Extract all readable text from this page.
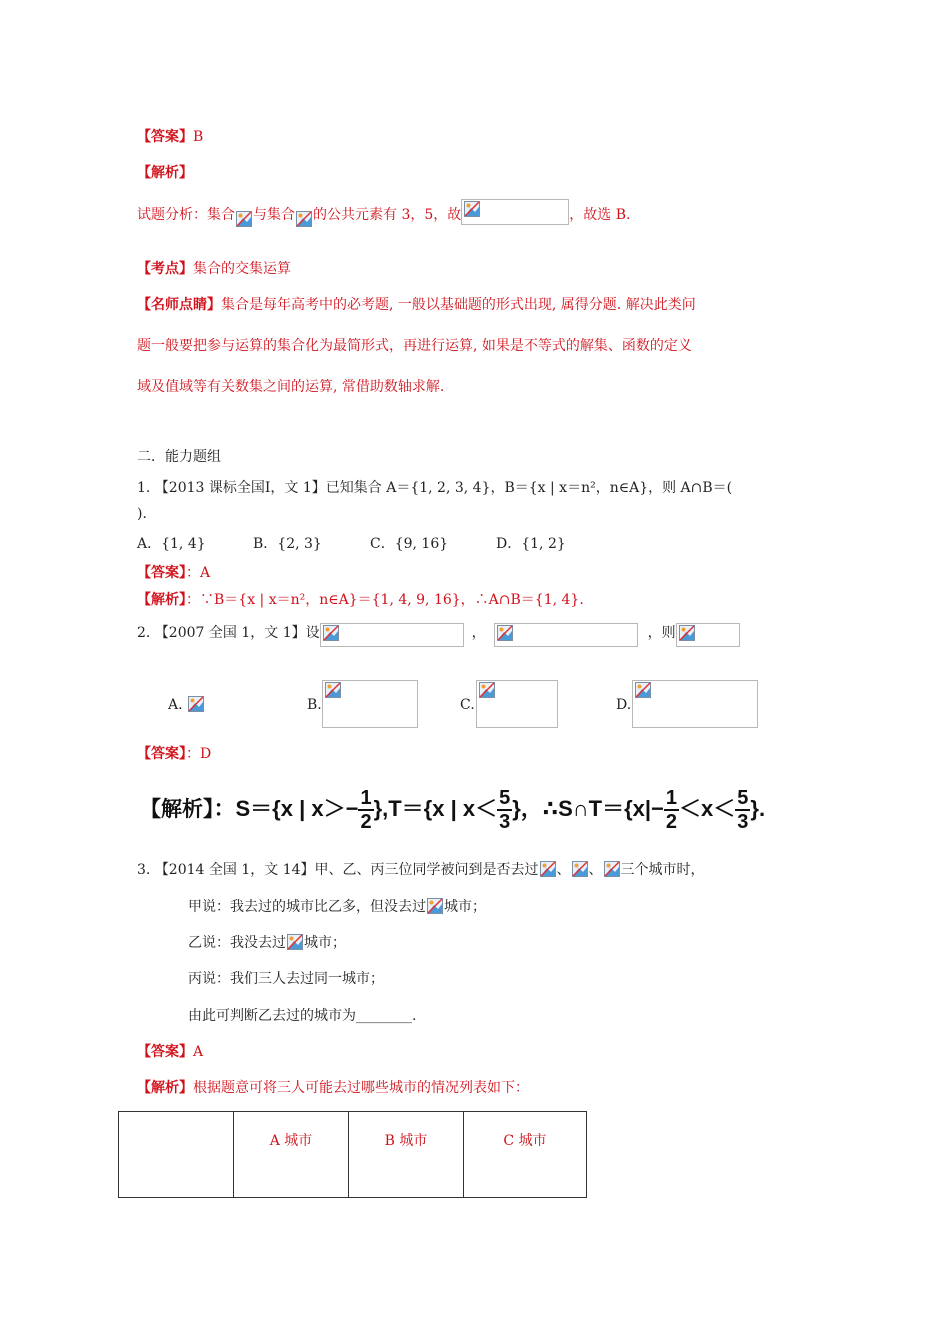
【答案】B
【解析】
试题分析：集合 与集合 的公共元素有 3，5，故	，故选 B.
【考点】集合的交集运算
【名师点睛】集合是每年高考中的必考题, 一般以基础题的形式出现, 属得分题. 解决此类问
题一般要把参与运算的集合化为最简形式，再进行运算, 如果是不等式的解集、函数的定义
域及值域等有关数集之间的运算, 常借助数轴求解.
二．能力题组
1. 【2013 课标全国Ⅰ，文 1】已知集合 A＝{1, 2, 3, 4}，B＝{x | x＝n²，n∈A}，则 A∩B＝(
)．
A．{1, 4}	B．{2, 3}	C．{9, 16}	D．{1, 2}
【答案】：A
【解析】：∵B＝{x | x＝n²，n∈A}＝{1, 4, 9, 16}，∴A∩B＝{1, 4}.
2. 【2007 全国 1，文 1】设	，	，则
A.	B.	C.	D.
【答案】：D
【解析】：S＝{x | $x>- \frac{1}{2} \},T=\{x$ | $x< \frac{5}{3}$ }，∴S∩T＝{x|− $\frac{1}{2} <x< \frac{5}{3}$ }.
3. 【2014 全国 1，文 14】甲、乙、丙三位同学被问到是否去过 、 、 三个城市时，
甲说：我去过的城市比乙多，但没去过 城市；
乙说：我没去过 城市；
丙说：我们三人去过同一城市；
由此可判断乙去过的城市为________.
【答案】A
【解析】根据题意可将三人可能去过哪些城市的情况列表如下：
	A 城市	B 城市	C 城市
